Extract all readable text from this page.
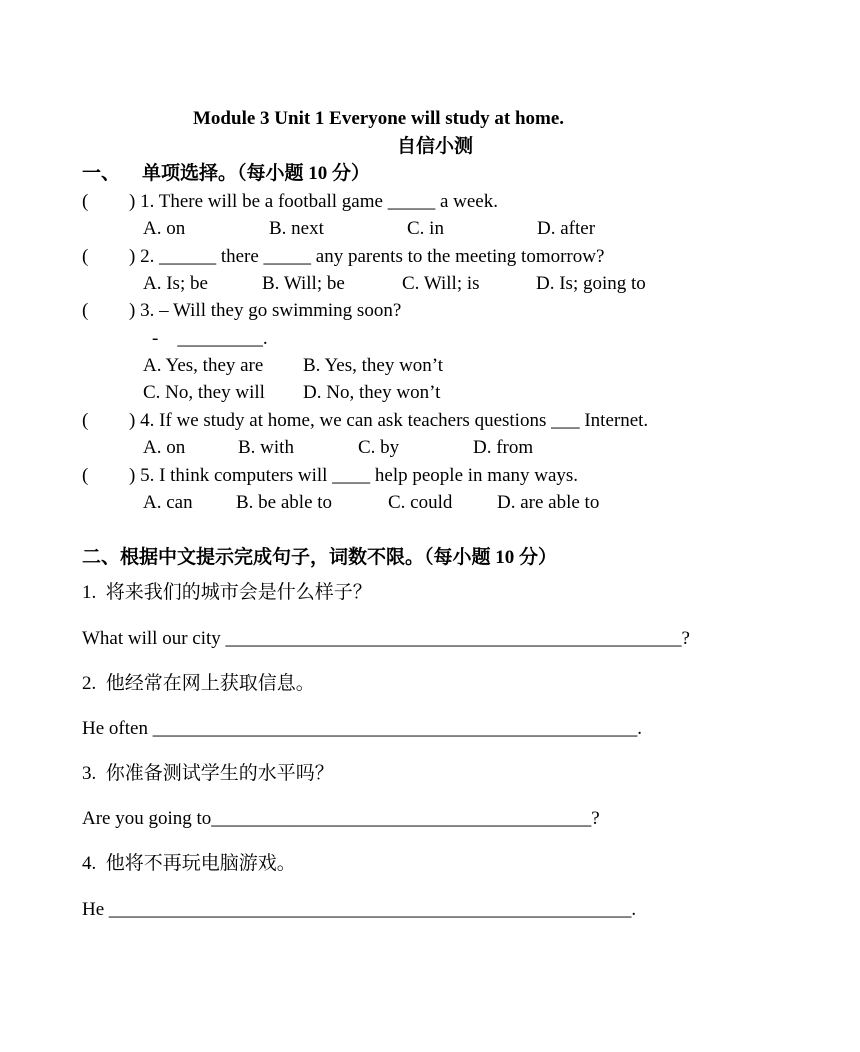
Module 3 Unit 1 Everyone will study at home.
自信小测
一、 单项选择。（每小题 10 分）
( ) 1. There will be a football game _____ a week.
A. on	B. next	C. in	D. after
( ) 2. ______ there _____ any parents to the meeting tomorrow?
A. Is; be	B. Will; be	C. Will; is	D. Is; going to
( ) 3. – Will they go swimming soon?
-    _________.
A. Yes, they are B. Yes, they won’t
C. No, they will D. No, they won’t
( ) 4. If we study at home, we can ask teachers questions ___ Internet.
A. on	B. with	C. by	D. from
( ) 5. I think computers will ____ help people in many ways.
A. can B. be able to	C. could D. are able to
二、根据中文提示完成句子，词数不限。（每小题 10 分）
1.  将来我们的城市会是什么样子？
What will our city ________________________________________________?
2.  他经常在网上获取信息。
He often ___________________________________________________.
3.  你准备测试学生的水平吗？
Are you going to________________________________________?
4.  他将不再玩电脑游戏。
He _______________________________________________________.
